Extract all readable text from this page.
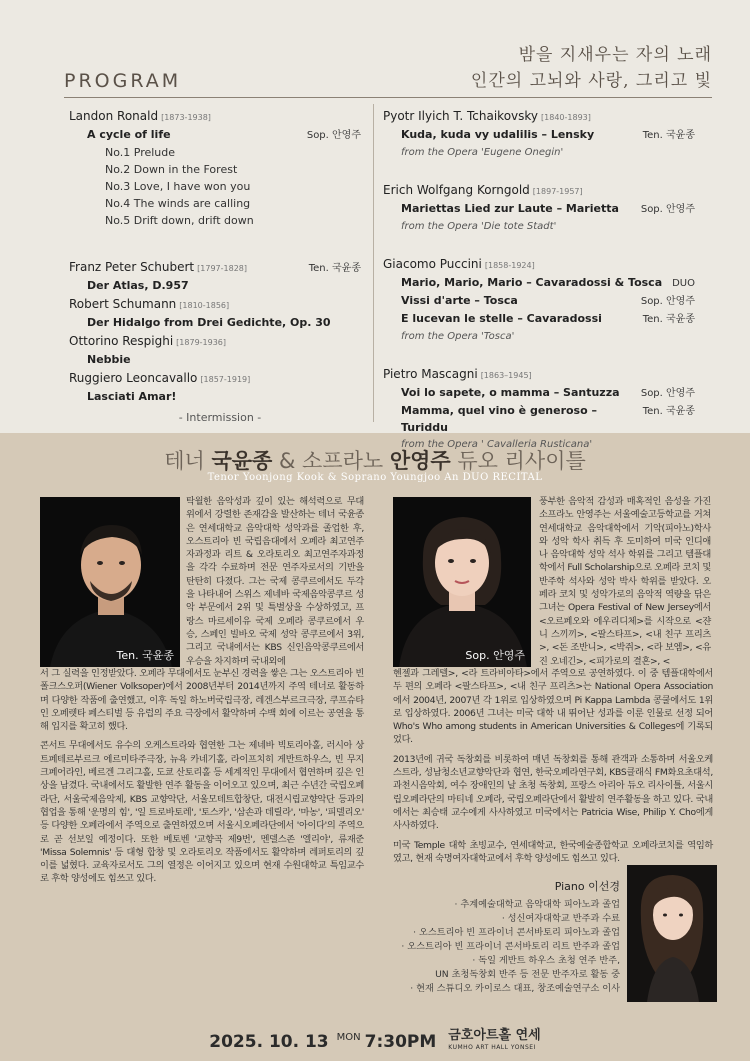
밤을 지새우는 자의 노래
인간의 고뇌와 사랑, 그리고 빛
PROGRAM
Landon Ronald [1873-1938]
A cycle of life	Sop. 안영주
No.1 Prelude
No.2 Down in the Forest
No.3 Love, I have won you
No.4 The winds are calling
No.5 Drift down, drift down
Franz Peter Schubert [1797-1828]	Ten. 국윤종
Der Atlas, D.957
Robert Schumann [1810-1856]
Der Hidalgo from Drei Gedichte, Op. 30
Ottorino Respighi [1879-1936]
Nebbie
Ruggiero Leoncavallo [1857-1919]
Lasciati Amar!
- Intermission -
Pyotr Ilyich T. Tchaikovsky [1840-1893]
Kuda, kuda vy udalilis – Lensky	Ten. 국윤종
from the Opera 'Eugene Onegin'
Erich Wolfgang Korngold [1897-1957]
Mariettas Lied zur Laute – Marietta Sop. 안영주
from the Opera 'Die tote Stadt'
Giacomo Puccini [1858-1924]
Mario, Mario, Mario – Cavaradossi & Tosca DUO
Vissi d'arte – Tosca	Sop. 안영주
E lucevan le stelle – Cavaradossi	Ten. 국윤종
from the Opera 'Tosca'
Pietro Mascagni [1863–1945]
Voi lo sapete, o mamma – Santuzza Sop. 안영주
Mamma, quel vino è generoso – Turiddu
Ten. 국윤종
from the Opera ' Cavalleria Rusticana'
테너 국윤종 & 소프라노 안영주 듀오 리사이틀
Tenor Yoonjong Kook & Soprano Youngjoo An DUO RECITAL
Ten. 국윤종
탁월한 음악성과 깊이 있는 해석력으로 무대 위에서 강렬한 존재감을 발산하는 테너 국윤종은 연세대학교 음악대학 성악과를 졸업한 후, 오스트리아 빈 국립음대에서 오페라 최고연주자과정과 리트 & 오라토리오 최고연주자과정을 각각 수료하며 전문 연주자로서의 기반을 탄탄히 다졌다. 그는 국제 콩쿠르에서도 두각을 나타내어 스위스 제네바 국제음악콩쿠르 성악 부문에서 2위 및 특별상을 수상하였고, 프랑스 마르세이유 국제 오페라 콩쿠르에서 우승, 스페인 빌바오 국제 성악 콩쿠르에서 3위, 그리고 국내에서는 KBS 신인음악콩쿠르에서 우승을 차지하며 국내외에

서 그 실력을 인정받았다. 오페라 무대에서도 눈부신 경력을 쌓은 그는 오스트리아 빈 폴크스오퍼(Wiener Volksoper)에서 2008년부터 2014년까지 주역 테너로 활동하며 다양한 작품에 출연했고, 이후 독일 하노버국립극장, 레겐스부르크극장, 쿠프슈타인 오페렛타 페스티벌 등 유럽의 주요 극장에서 활약하며 수백 회에 이르는 공연을 통해 입지를 확고히 했다.

콘서트 무대에서도 유수의 오케스트라와 협연한 그는 제네바 빅토리아홀, 러시아 상트페테르부르크 에르미타주극장, 뉴욕 카네기홀, 라이프치히 게반트하우스, 빈 무지크페어라인, 베르겐 그리그홀, 도쿄 산토리홀 등 세계적인 무대에서 협연하며 깊은 인상을 남겼다. 국내에서도 활발한 연주 활동을 이어오고 있으며, 최근 수년간 국립오페라단, 서울국제음악제, KBS 교향악단, 서울모테트합창단, 대전시립교향악단 등과의 협업을 통해 '운명의 힘', '일 트로바토레', '토스카', '삼손과 데릴라', '마농', '피델리오' 등 다양한 오페라에서 주역으로 출연하였으며 서울시오페라단에서 '아이다'의 주역으로 곧 선보일 예정이다. 또한 베토벤 '교향곡 제9번', 멘델스존 '엘리야', 류재준 'Missa Solemnis' 등 대형 합창 및 오라토리오 작품에서도 활약하며 레퍼토리의 깊이를 넓혔다. 교육자로서도 그의 열정은 이어지고 있으며 현재 수원대학교 특임교수로 후학 양성에도 힘쓰고 있다.

Sop. 안영주
풍부한 음악적 감성과 매혹적인 음성을 가진 소프라노 안영주는 서울예술고등학교를 거쳐 연세대학교 음악대학에서 기악(피아노)학사와 성악 학사 취득 후 도미하여 미국 인디애나 음악대학 성악 석사 학위를 그리고 템플대학에서 Full Scholarship으로 오페라 코치 및 반주학 석사와 성악 박사 학위를 받았다. 오페라 코치 및 성악가로의 음악적 역량을 닦은 그녀는 Opera Festival of New Jersey에서 <오르페오와 에우리디체>를 시작으로 <쟌니 스끼끼>, <팔스타프>, <내 친구 프리츠>, <돈 조반니>, <박쥐>, <라 보엠>, <유진 오네긴>, <피가로의 결혼>, <

헨젤과 그레텔>, <라 트라비아타>에서 주역으로 공연하였다. 이 중 템플대학에서 두 편의 오페라 <팔스타프>, <내 친구 프리츠>는 National Opera Association에서 2004년, 2007년 각 1위로 입상하였으며 Pi Kappa Lambda 콩쿨에서도 1위로 입상하였다. 2006년 그녀는 미국 대학 내 뛰어난 성과를 이룬 인물로 선정 되어 Who's Who among students in American Universities & Colleges에 기록되었다.

2013년에 귀국 독창회를 비롯하여 매년 독창회를 통해 관객과 소통하며 서울오케스트라, 성남청소년교향악단과 협연, 한국오페라연구회, KBS클래식 FM화요초대석, 과천시음악회, 여수 장애인의 날 초청 독창회, 프랑스 아리아 듀오 리사이틀, 서울시립오페라단의 마티네 오페라, 국립오페라단에서 활발히 연주활동을 하고 있다. 국내에서는 최승태 교수에게 사사하였고 미국에서는 Patricia Wise, Philip Y. Cho에게 사사하였다.

미국 Temple 대학 초빙교수, 연세대학교, 한국예술종합학교 오페라코치를 역임하였고, 현재 숙명여자대학교에서 후학 양성에도 힘쓰고 있다.

Piano 이선경
· 추계예술대학교 음악대학 피아노과 졸업
· 성신여자대학교 반주과 수료
· 오스트리아 빈 프라이너 콘서바토리 피아노과 졸업
· 오스트리아 빈 프라이너 콘서바토리 리트 반주과 졸업
· 독일 게반트 하우스 초청 연주 반주,
UN 초청독창회 반주 등 전문 반주자로 활동 중
· 현재 스튜디오 카이로스 대표, 창조예술연구소 이사
2025. 10. 13 MON 7:30PM 금호아트홀 연세
KUMHO ART HALL YONSEI
